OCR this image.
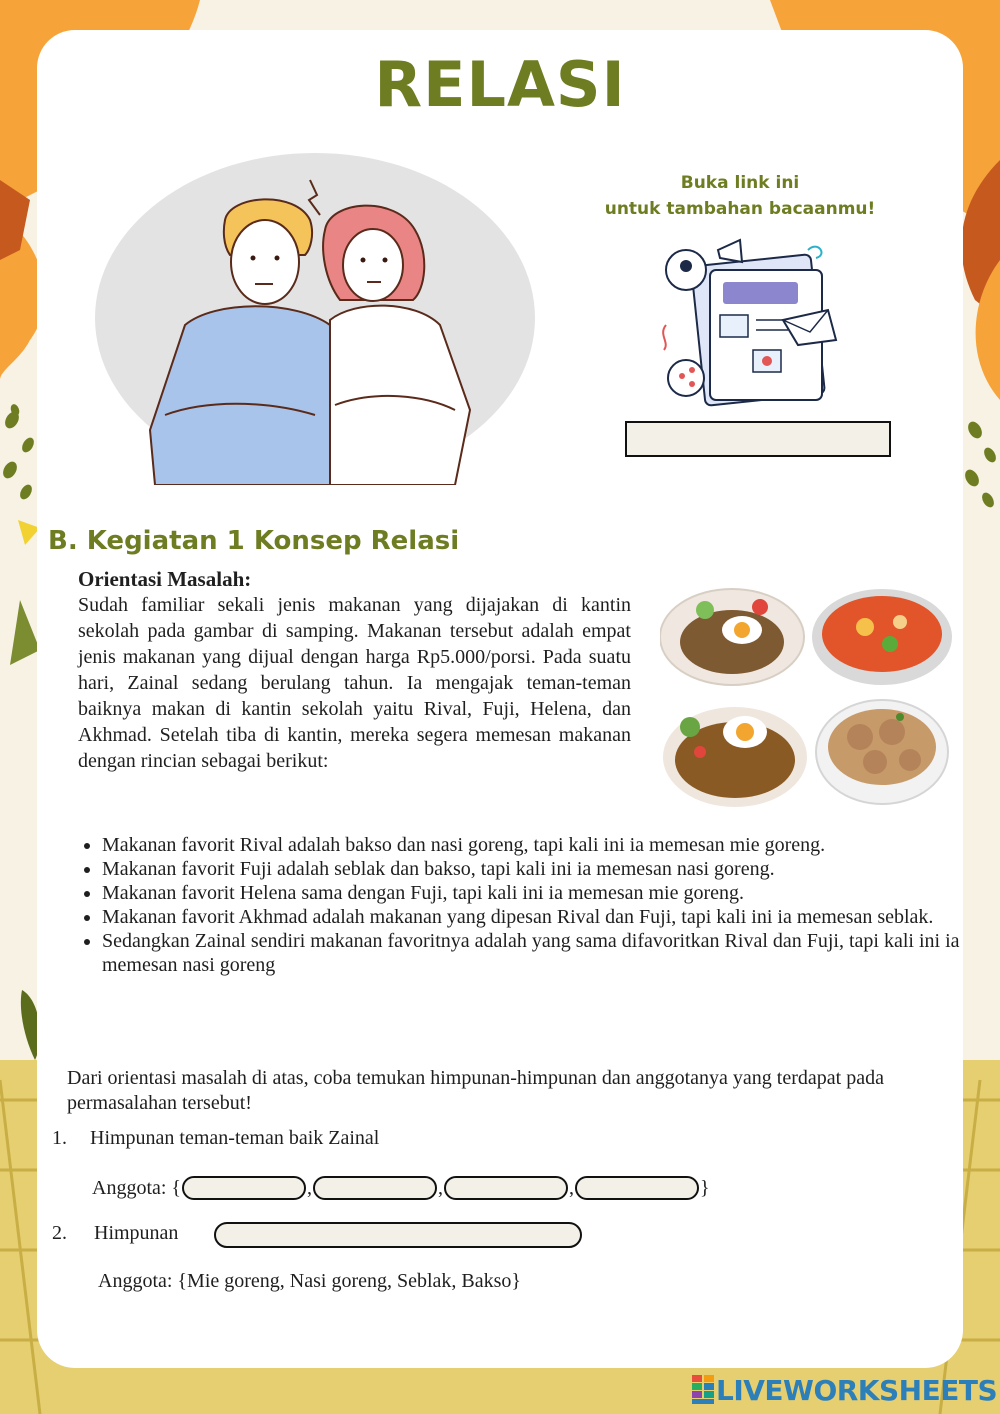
RELASI
Buka link ini
untuk tambahan bacaanmu!
B. Kegiatan 1 Konsep Relasi
Orientasi Masalah:

Sudah familiar sekali jenis makanan yang dijajakan di kantin sekolah pada gambar di samping. Makanan tersebut adalah empat jenis makanan yang dijual dengan harga Rp5.000/porsi. Pada suatu hari, Zainal sedang berulang tahun. Ia mengajak teman-teman baiknya makan di kantin sekolah yaitu Rival, Fuji, Helena, dan Akhmad. Setelah tiba di kantin, mereka segera memesan makanan dengan rincian sebagai berikut:

• Makanan favorit Rival adalah bakso dan nasi goreng, tapi kali ini ia memesan mie goreng.
• Makanan favorit Fuji adalah seblak dan bakso, tapi kali ini ia memesan nasi goreng.
• Makanan favorit Helena sama dengan Fuji, tapi kali ini ia memesan mie goreng.
• Makanan favorit Akhmad adalah makanan yang dipesan Rival dan Fuji, tapi kali ini ia memesan seblak.
• Sedangkan Zainal sendiri makanan favoritnya adalah yang sama difavoritkan Rival dan Fuji, tapi kali ini ia memesan nasi goreng

Dari orientasi masalah di atas, coba temukan himpunan-himpunan dan anggotanya yang terdapat pada permasalahan tersebut!

1. Himpunan teman-teman baik Zainal
Anggota: {	,	,	,	}
2. Himpunan
Anggota: {Mie goreng, Nasi goreng, Seblak, Bakso}
LIVEWORKSHEETS
